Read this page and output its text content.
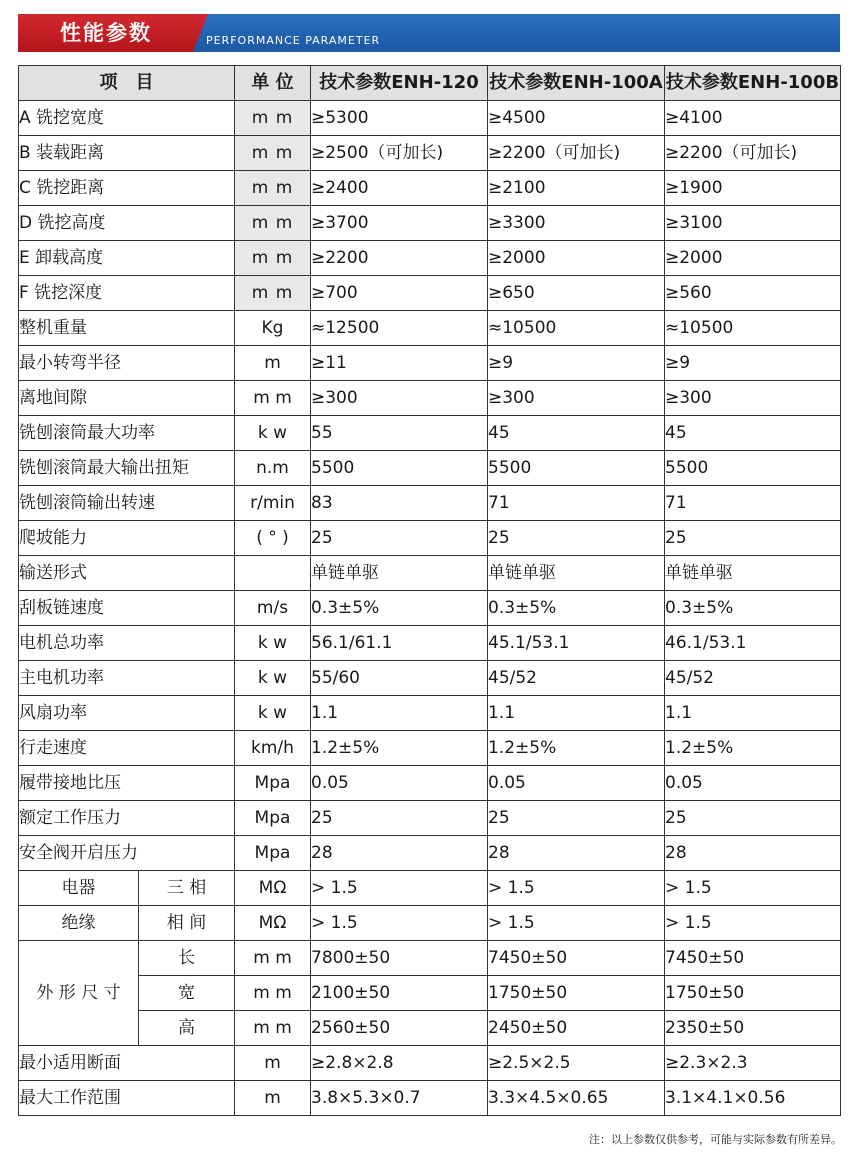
性能参数	PERFORMANCE PARAMETER
项　目		单 位	技术参数ENH-120	技术参数ENH-100A	技术参数ENH-100B
A 铣挖宽度		m m	≥5300	≥4500	≥4100
B 装载距离		m m	≥2500（可加长)	≥2200（可加长)	≥2200（可加长)
C 铣挖距离		m m	≥2400	≥2100	≥1900
D 铣挖高度		m m	≥3700	≥3300	≥3100
E 卸载高度		m m	≥2200	≥2000	≥2000
F 铣挖深度		m m	≥700	≥650	≥560
整机重量		Kg	≈12500	≈10500	≈10500
最小转弯半径		m	≥11	≥9	≥9
离地间隙		m m	≥300	≥300	≥300
铣刨滚筒最大功率		k w	55	45	45
铣刨滚筒最大输出扭矩		n.m	5500	5500	5500
铣刨滚筒输出转速		r/min	83	71	71
爬坡能力		( ° )	25	25	25
输送形式			单链单驱	单链单驱	单链单驱
刮板链速度		m/s	0.3±5%	0.3±5%	0.3±5%
电机总功率		k w	56.1/61.1	45.1/53.1	46.1/53.1
主电机功率		k w	55/60	45/52	45/52
风扇功率		k w	1.1	1.1	1.1
行走速度		km/h	1.2±5%	1.2±5%	1.2±5%
履带接地比压		Mpa	0.05	0.05	0.05
额定工作压力		Mpa	25	25	25
安全阀开启压力		Mpa	28	28	28
电器	三 相	MΩ	> 1.5	> 1.5	> 1.5
绝缘	相 间	MΩ	> 1.5	> 1.5	> 1.5
外 形 尺 寸	长	m m	7800±50	7450±50	7450±50
	宽	m m	2100±50	1750±50	1750±50
	高	m m	2560±50	2450±50	2350±50
最小适用断面		m	≥2.8×2.8	≥2.5×2.5	≥2.3×2.3
最大工作范围		m	3.8×5.3×0.7	3.3×4.5×0.65	3.1×4.1×0.56
注：以上参数仅供参考，可能与实际参数有所差异。
